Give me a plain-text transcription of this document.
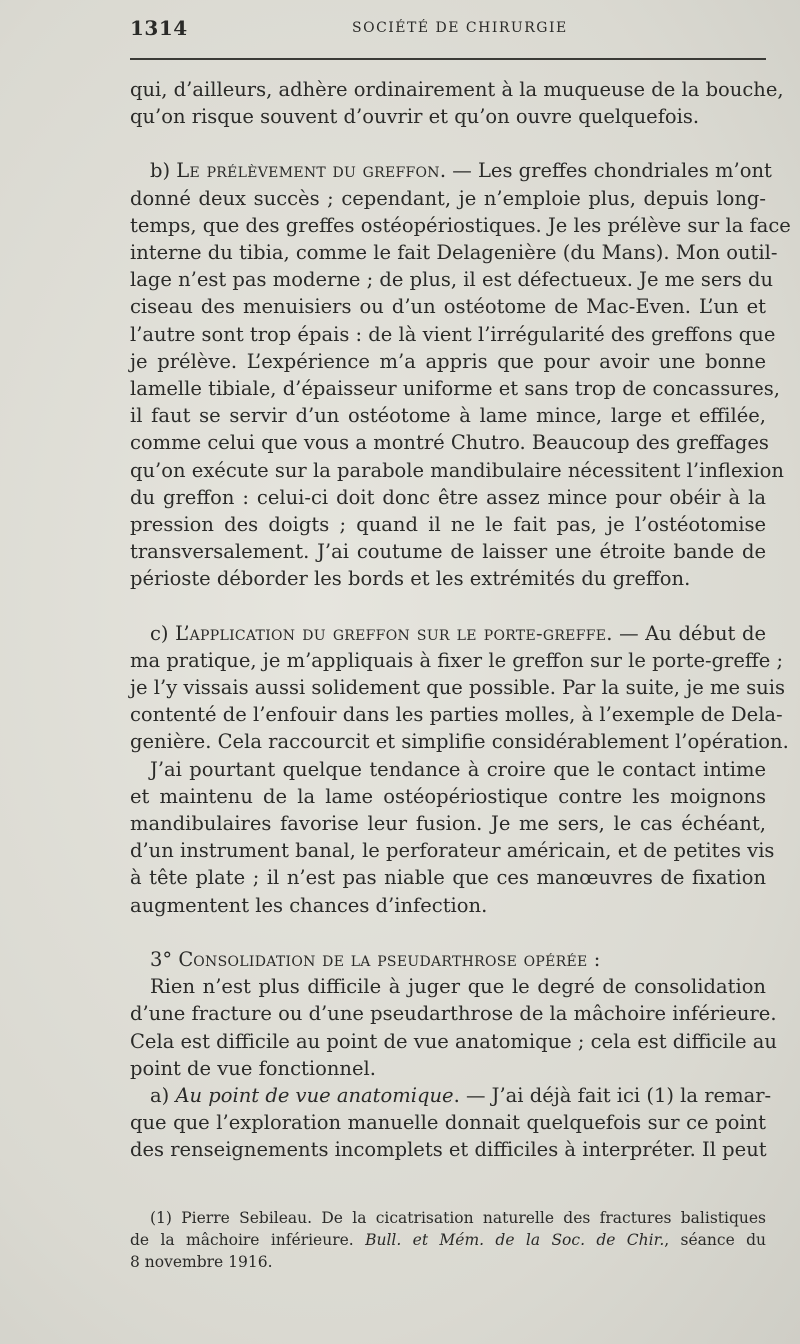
1314	SOCIÉTÉ DE CHIRURGIE
qui, d’ailleurs, adhère ordinairement à la muqueuse de la bouche,
qu’on risque souvent d’ouvrir et qu’on ouvre quelquefois.
b) Le prélèvement du greffon. — Les greffes chondriales m’ont
donné deux succès ; cependant, je n’emploie plus, depuis long-
temps, que des greffes ostéopériostiques. Je les prélève sur la face
interne du tibia, comme le fait Delagenière (du Mans). Mon outil-
lage n’est pas moderne ; de plus, il est défectueux. Je me sers du
ciseau des menuisiers ou d’un ostéotome de Mac-Even. L’un et
l’autre sont trop épais : de là vient l’irrégularité des greffons que
je prélève. L’expérience m’a appris que pour avoir une bonne
lamelle tibiale, d’épaisseur uniforme et sans trop de concassures,
il faut se servir d’un ostéotome à lame mince, large et effilée,
comme celui que vous a montré Chutro. Beaucoup des greffages
qu’on exécute sur la parabole mandibulaire nécessitent l’inflexion
du greffon : celui-ci doit donc être assez mince pour obéir à la
pression des doigts ; quand il ne le fait pas, je l’ostéotomise
transversalement. J’ai coutume de laisser une étroite bande de
périoste déborder les bords et les extrémités du greffon.
c) L’application du greffon sur le porte-greffe. — Au début de
ma pratique, je m’appliquais à fixer le greffon sur le porte-greffe ;
je l’y vissais aussi solidement que possible. Par la suite, je me suis
contenté de l’enfouir dans les parties molles, à l’exemple de Dela-
genière. Cela raccourcit et simplifie considérablement l’opération.
J’ai pourtant quelque tendance à croire que le contact intime
et maintenu de la lame ostéopériostique contre les moignons
mandibulaires favorise leur fusion. Je me sers, le cas échéant,
d’un instrument banal, le perforateur américain, et de petites vis
à tête plate ; il n’est pas niable que ces manœuvres de fixation
augmentent les chances d’infection.
3° Consolidation de la pseudarthrose opérée :
Rien n’est plus difficile à juger que le degré de consolidation
d’une fracture ou d’une pseudarthrose de la mâchoire inférieure.
Cela est difficile au point de vue anatomique ; cela est difficile au
point de vue fonctionnel.
a) Au point de vue anatomique. — J’ai déjà fait ici (1) la remar-
que que l’exploration manuelle donnait quelquefois sur ce point
des renseignements incomplets et difficiles à interpréter. Il peut
(1) Pierre Sebileau. De la cicatrisation naturelle des fractures balistiques
de la mâchoire inférieure. Bull. et Mém. de la Soc. de Chir., séance du
8 novembre 1916.
